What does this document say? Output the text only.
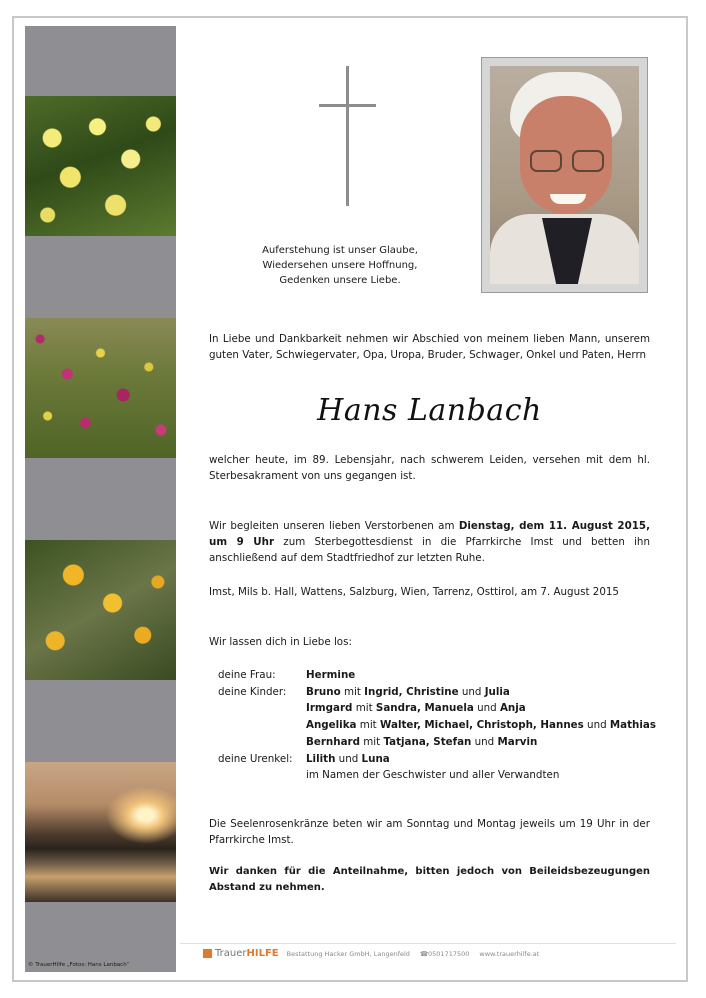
© TrauerHilfe „Fotos: Hans Lanbach“
Auferstehung ist unser Glaube,
Wiedersehen unsere Hoffnung,
Gedenken unsere Liebe.

In Liebe und Dankbarkeit nehmen wir Abschied von meinem lieben Mann, unserem guten Vater, Schwiegervater, Opa, Uropa, Bruder, Schwager, Onkel und Paten, Herrn

Hans Lanbach

welcher heute, im 89. Lebensjahr, nach schwerem Leiden, versehen mit dem hl. Sterbesakrament von uns gegangen ist.

Wir begleiten unseren lieben Verstorbenen am Dienstag, dem 11. August 2015, um 9 Uhr zum Sterbegottesdienst in die Pfarrkirche Imst und betten ihn anschließend auf dem Stadtfriedhof zur letzten Ruhe.

Imst, Mils b. Hall, Wattens, Salzburg, Wien, Tarrenz, Osttirol, am 7. August 2015

Wir lassen dich in Liebe los:

deine Frau:	Hermine
deine Kinder:	Bruno mit Ingrid, Christine und Julia
Irmgard mit Sandra, Manuela und Anja
Angelika mit Walter, Michael, Christoph, Hannes und Mathias
Bernhard mit Tatjana, Stefan und Marvin
deine Urenkel:	Lilith und Luna
im Namen der Geschwister und aller Verwandten

Die Seelenrosenkränze beten wir am Sonntag und Montag jeweils um 19 Uhr in der Pfarrkirche Imst.

Wir danken für die Anteilnahme, bitten jedoch von Beileidsbezeugungen Abstand zu nehmen.

TrauerHILFE Bestattung Hacker GmbH, Langenfeld ☎0501717500 www.trauerhilfe.at
